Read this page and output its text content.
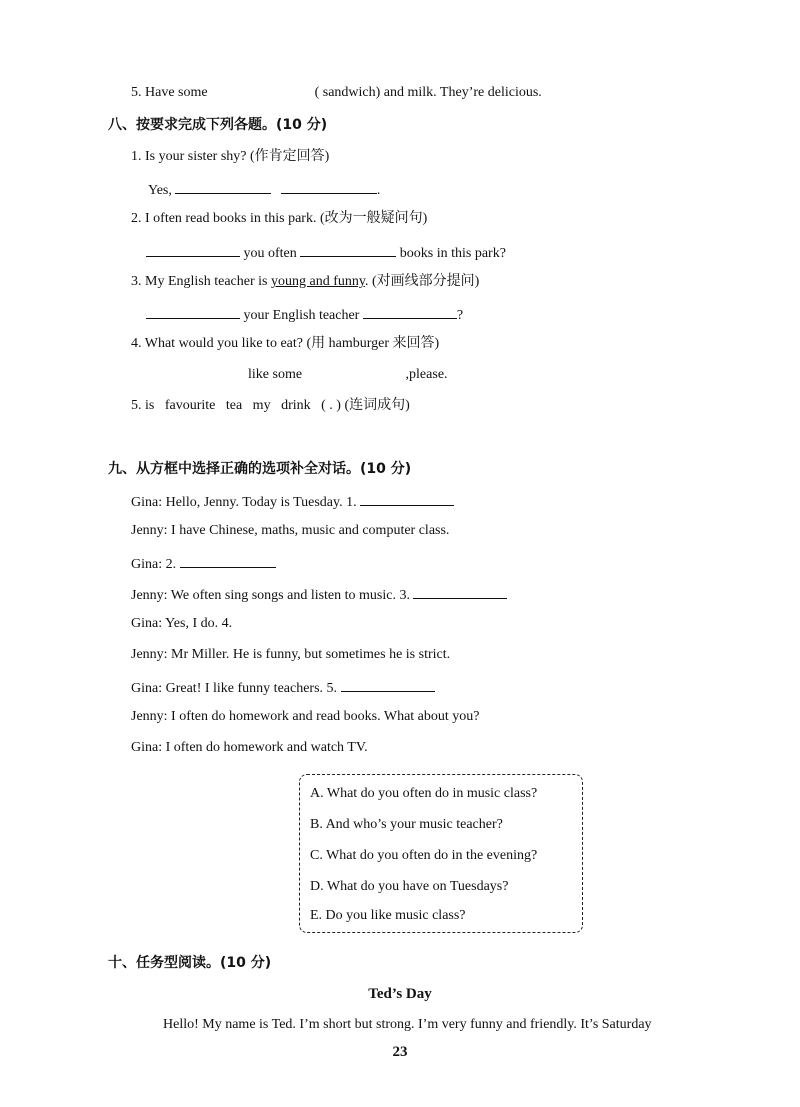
5. Have some	( sandwich) and milk. They’re delicious.
八、按要求完成下列各题。(10 分)
1. Is your sister shy? (作肯定回答)
Yes,	.
2. I often read books in this park. (改为一般疑问句)
you often	books in this park?
3. My English teacher is young and funny. (对画线部分提问)
your English teacher	?
4. What would you like to eat? (用 hamburger 来回答)
like some	,please.
5. is   favourite   tea   my   drink   ( . ) (连词成句)
九、从方框中选择正确的选项补全对话。(10 分)
Gina: Hello, Jenny. Today is Tuesday. 1.
Jenny: I have Chinese, maths, music and computer class.
Gina: 2.
Jenny: We often sing songs and listen to music. 3.
Gina: Yes, I do. 4.
Jenny: Mr Miller. He is funny, but sometimes he is strict.
Gina: Great! I like funny teachers. 5.
Jenny: I often do homework and read books. What about you?
Gina: I often do homework and watch TV.
A. What do you often do in music class?
B. And who’s your music teacher?
C. What do you often do in the evening?
D. What do you have on Tuesdays?
E. Do you like music class?
十、任务型阅读。(10 分)
Ted’s Day
Hello! My name is Ted. I’m short but strong. I’m very funny and friendly. It’s Saturday
23
